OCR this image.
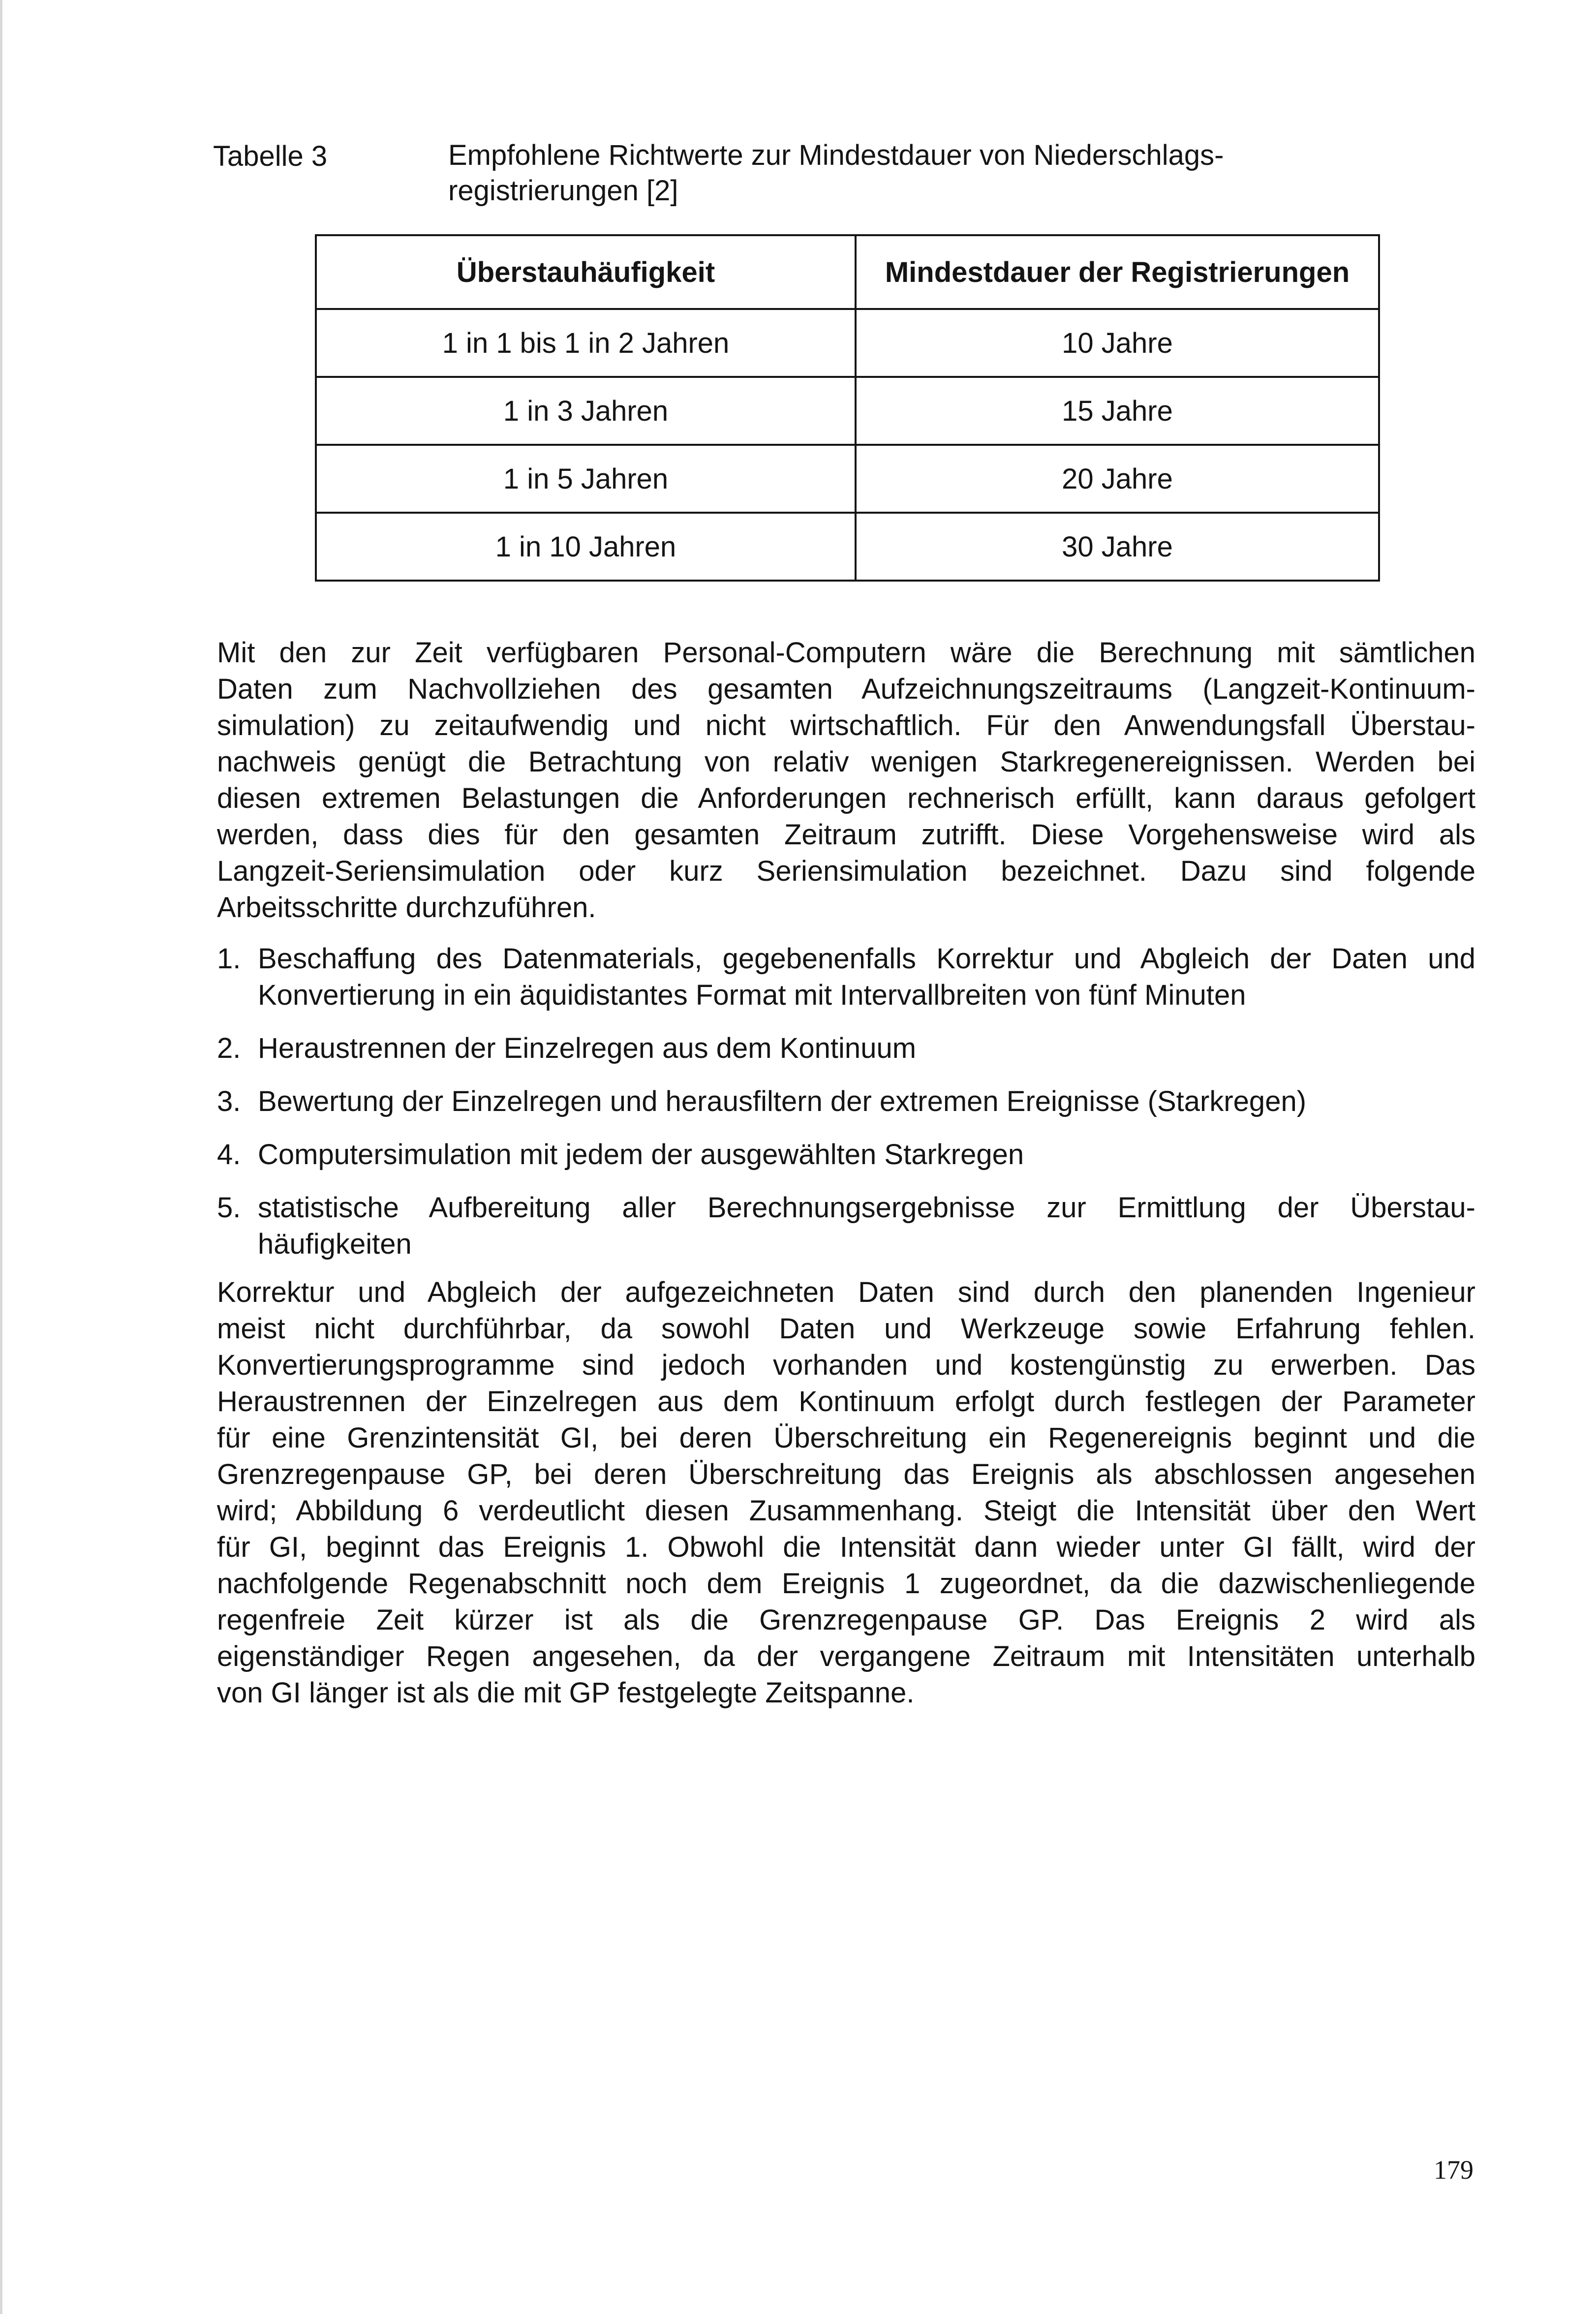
Tabelle 3	Empfohlene Richtwerte zur Mindestdauer von Niederschlags-
registrierungen [2]
Überstauhäufigkeit	Mindestdauer der Registrierungen
1 in 1 bis 1 in 2 Jahren	10 Jahre
1 in 3 Jahren	15 Jahre
1 in 5 Jahren	20 Jahre
1 in 10 Jahren	30 Jahre
Mit den zur Zeit verfügbaren Personal-Computern wäre die Berechnung mit sämtlichen
Daten zum Nachvollziehen des gesamten Aufzeichnungszeitraums (Langzeit-Kontinuum-
simulation) zu zeitaufwendig und nicht wirtschaftlich. Für den Anwendungsfall Überstau-
nachweis genügt die Betrachtung von relativ wenigen Starkregenereignissen. Werden bei
diesen extremen Belastungen die Anforderungen rechnerisch erfüllt, kann daraus gefolgert
werden, dass dies für den gesamten Zeitraum zutrifft. Diese Vorgehensweise wird als
Langzeit-Seriensimulation oder kurz Seriensimulation bezeichnet. Dazu sind folgende
Arbeitsschritte durchzuführen.
1. Beschaffung des Datenmaterials, gegebenenfalls Korrektur und Abgleich der Daten und
Konvertierung in ein äquidistantes Format mit Intervallbreiten von fünf Minuten
2. Heraustrennen der Einzelregen aus dem Kontinuum
3. Bewertung der Einzelregen und herausfiltern der extremen Ereignisse (Starkregen)
4. Computersimulation mit jedem der ausgewählten Starkregen
5. statistische Aufbereitung aller Berechnungsergebnisse zur Ermittlung der Überstau-
häufigkeiten
Korrektur und Abgleich der aufgezeichneten Daten sind durch den planenden Ingenieur
meist nicht durchführbar, da sowohl Daten und Werkzeuge sowie Erfahrung fehlen.
Konvertierungsprogramme sind jedoch vorhanden und kostengünstig zu erwerben. Das
Heraustrennen der Einzelregen aus dem Kontinuum erfolgt durch festlegen der Parameter
für eine Grenzintensität GI, bei deren Überschreitung ein Regenereignis beginnt und die
Grenzregenpause GP, bei deren Überschreitung das Ereignis als abschlossen angesehen
wird; Abbildung 6 verdeutlicht diesen Zusammenhang. Steigt die Intensität über den Wert
für GI, beginnt das Ereignis 1. Obwohl die Intensität dann wieder unter GI fällt, wird der
nachfolgende Regenabschnitt noch dem Ereignis 1 zugeordnet, da die dazwischenliegende
regenfreie Zeit kürzer ist als die Grenzregenpause GP. Das Ereignis 2 wird als
eigenständiger Regen angesehen, da der vergangene Zeitraum mit Intensitäten unterhalb
von GI länger ist als die mit GP festgelegte Zeitspanne.
179
